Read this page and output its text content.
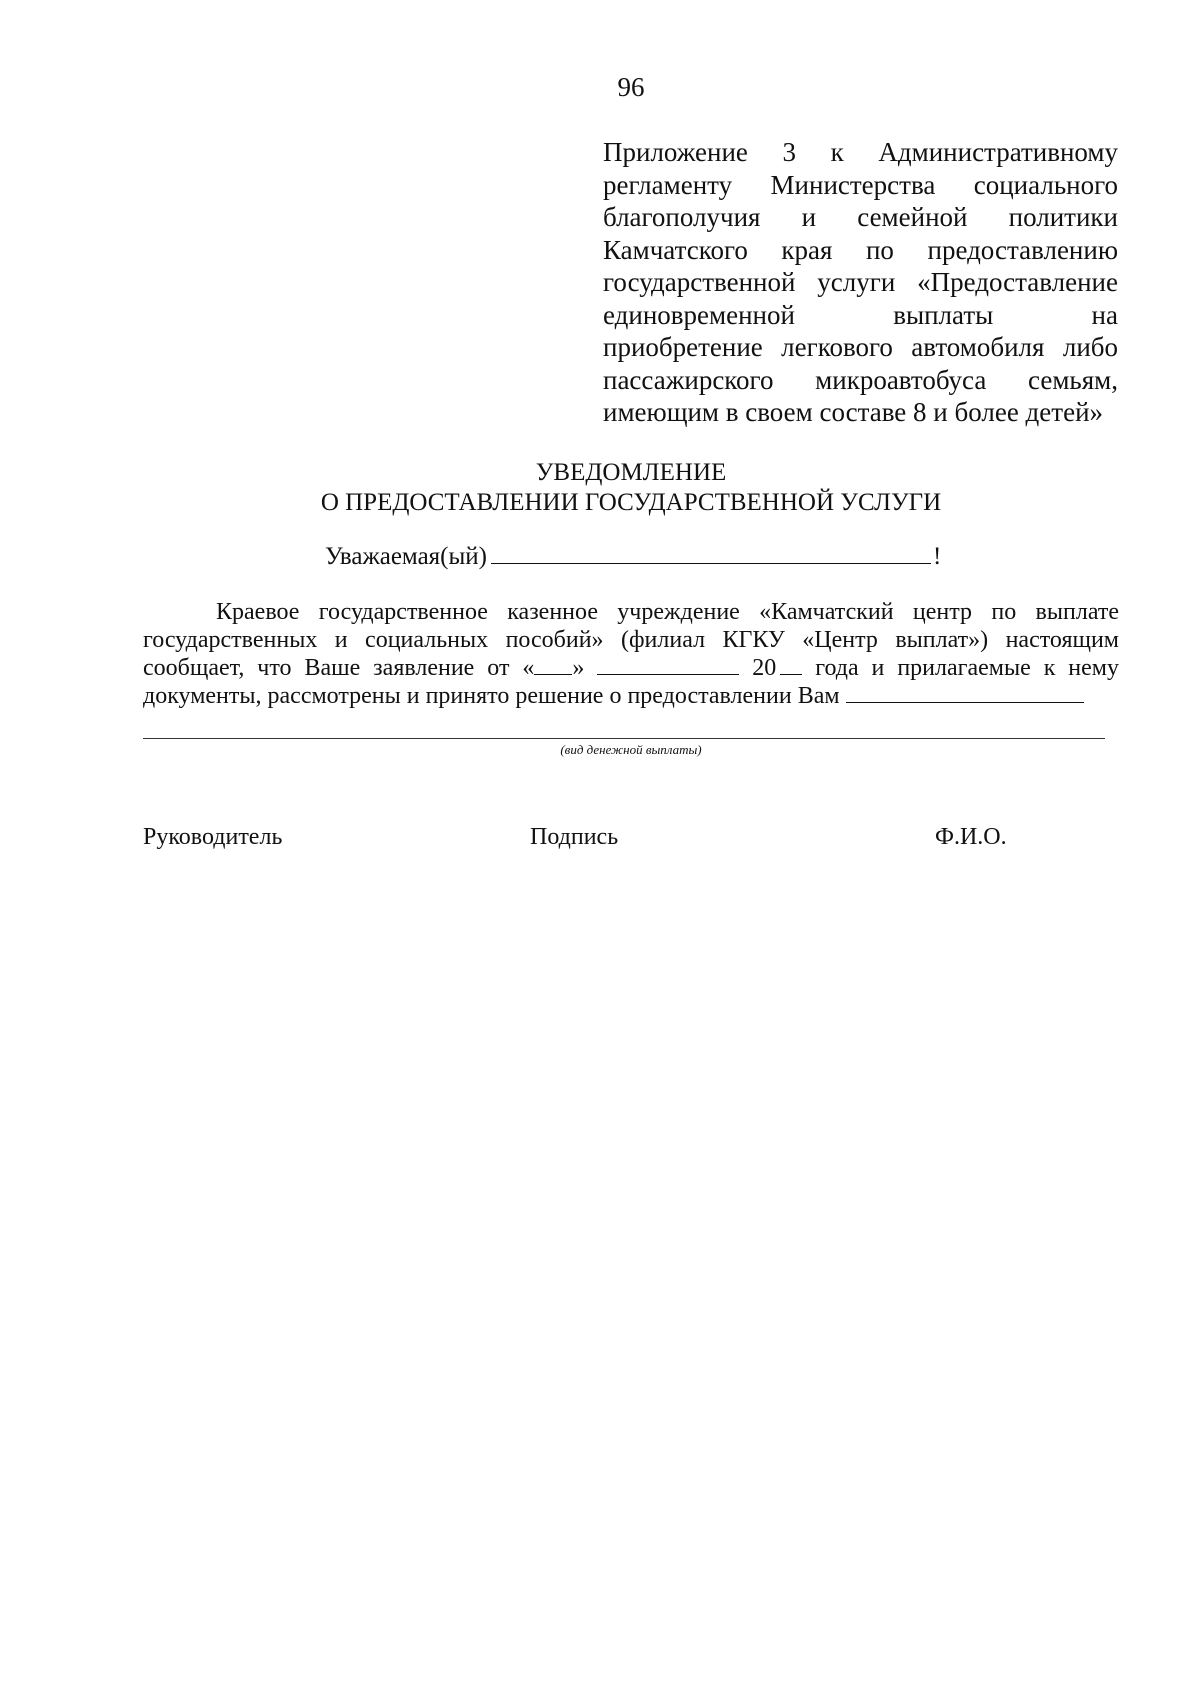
96
Приложение 3 к Административному
регламенту Министерства социального
благополучия и семейной политики
Камчатского края по предоставлению
государственной услуги «Предоставление
единовременной выплаты на
приобретение легкового автомобиля либо
пассажирского микроавтобуса семьям,
имеющим в своем составе 8 и более детей»
УВЕДОМЛЕНИЕ
О ПРЕДОСТАВЛЕНИИ ГОСУДАРСТВЕННОЙ УСЛУГИ
Уважаемая(ый)	!
Краевое государственное казенное учреждение «Камчатский центр по выплате
государственных и социальных пособий» (филиал КГКУ «Центр выплат») настоящим
сообщает, что Ваше заявление от « »	20 года и прилагаемые к нему
документы, рассмотрены и принято решение о предоставлении Вам
(вид денежной выплаты)
Руководитель	Подпись	Ф.И.О.
